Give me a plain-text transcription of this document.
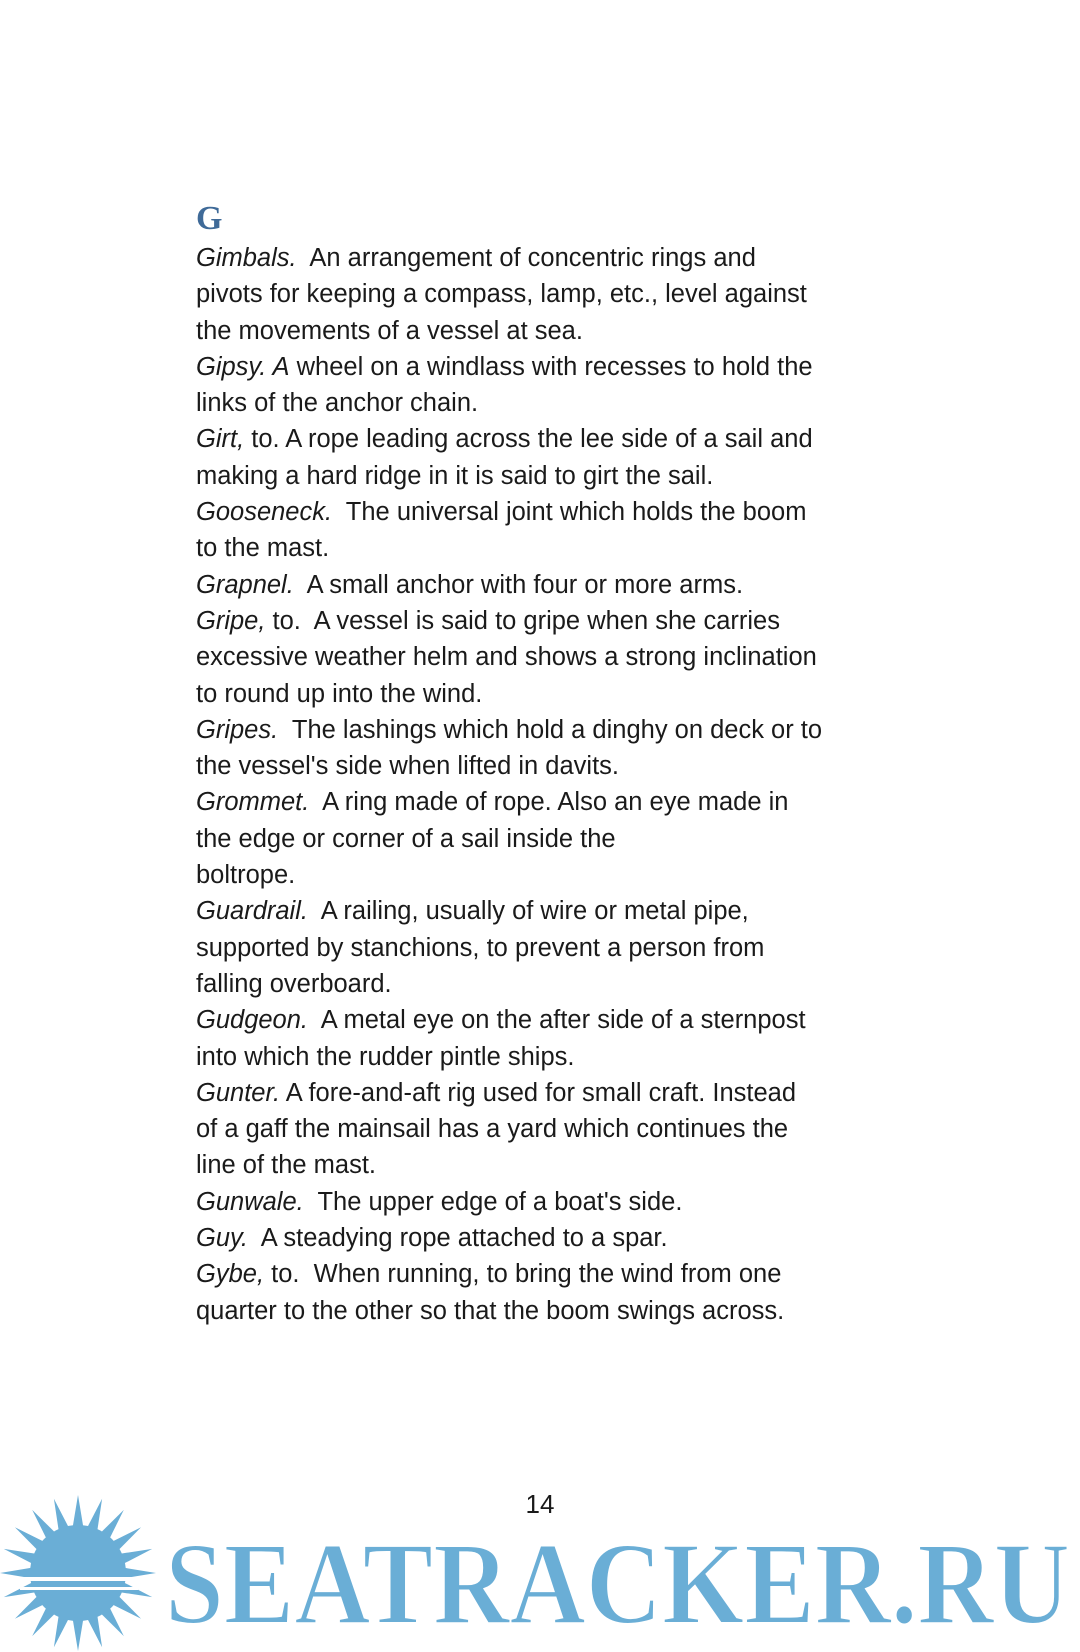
G
Gimbals.  An arrangement of concentric rings and
pivots for keeping a compass, lamp, etc., level against
the movements of a vessel at sea.
Gipsy. A wheel on a windlass with recesses to hold the
links of the anchor chain.
Girt, to. A rope leading across the lee side of a sail and
making a hard ridge in it is said to girt the sail.
Gooseneck.  The universal joint which holds the boom
to the mast.
Grapnel.  A small anchor with four or more arms.
Gripe, to.  A vessel is said to gripe when she carries
excessive weather helm and shows a strong inclination
to round up into the wind.
Gripes.  The lashings which hold a dinghy on deck or to
the vessel's side when lifted in davits.
Grommet.  A ring made of rope. Also an eye made in
the edge or corner of a sail inside the
boltrope.
Guardrail.  A railing, usually of wire or metal pipe,
supported by stanchions, to prevent a person from
falling overboard.
Gudgeon.  A metal eye on the after side of a sternpost
into which the rudder pintle ships.
Gunter. A fore-and-aft rig used for small craft. Instead
of a gaff the mainsail has a yard which continues the
line of the mast.
Gunwale.  The upper edge of a boat's side.
Guy.  A steadying rope attached to a spar.
Gybe, to.  When running, to bring the wind from one
quarter to the other so that the boom swings across.
14
SEATRACKER.RU
